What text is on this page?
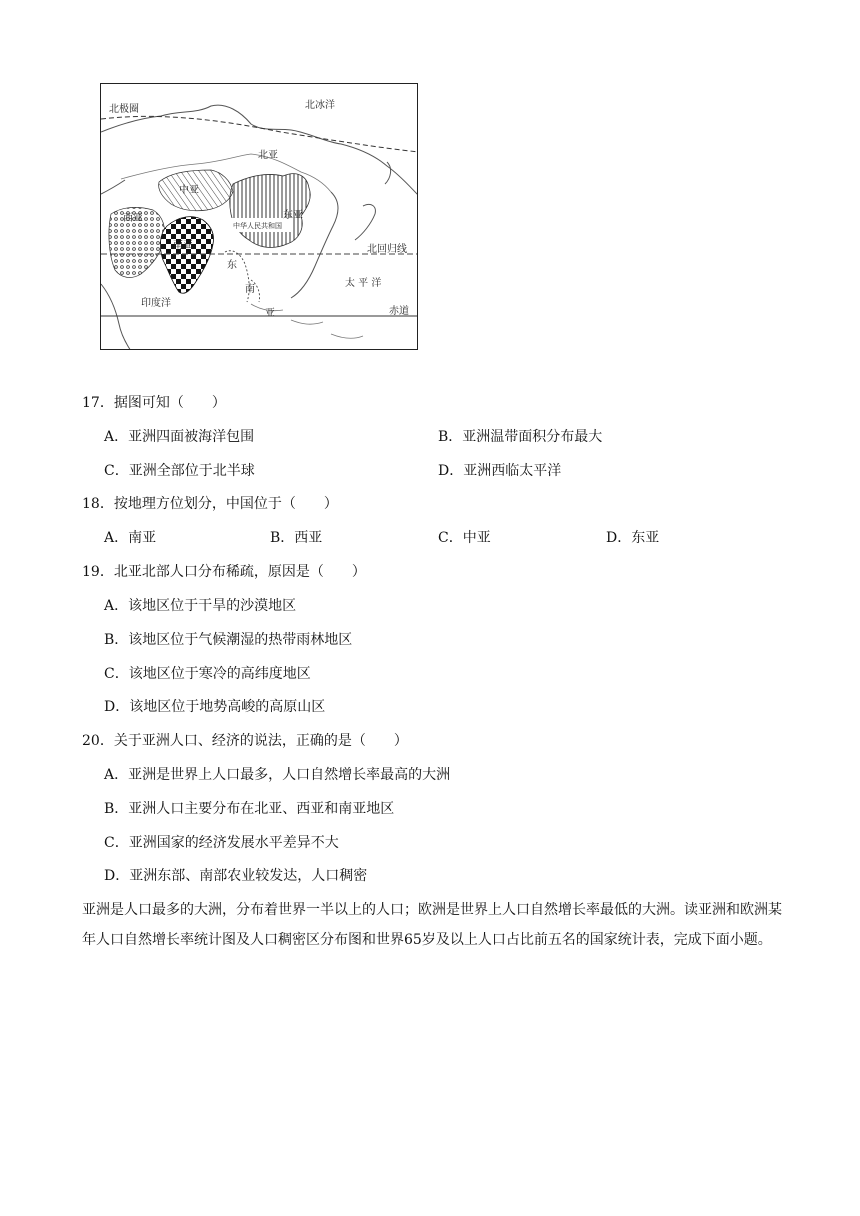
北极圈	北冰洋
北亚
中亚
西亚	东亚
中华人民共和国
南亚	北回归线
东
南
亚
太 平 洋
印度洋
赤道
17．据图可知（　　）
A．亚洲四面被海洋包围	B．亚洲温带面积分布最大
C．亚洲全部位于北半球	D．亚洲西临太平洋
18．按地理方位划分，中国位于（　　）
A．南亚	B．西亚	C．中亚	D．东亚
19．北亚北部人口分布稀疏，原因是（　　）
A．该地区位于干旱的沙漠地区
B．该地区位于气候潮湿的热带雨林地区
C．该地区位于寒冷的高纬度地区
D．该地区位于地势高峻的高原山区
20．关于亚洲人口、经济的说法，正确的是（　　）
A．亚洲是世界上人口最多，人口自然增长率最高的大洲
B．亚洲人口主要分布在北亚、西亚和南亚地区
C．亚洲国家的经济发展水平差异不大
D．亚洲东部、南部农业较发达，人口稠密
亚洲是人口最多的大洲，分布着世界一半以上的人口；欧洲是世界上人口自然增长率最低的大洲。读亚洲和欧洲某年人口自然增长率统计图及人口稠密区分布图和世界65岁及以上人口占比前五名的国家统计表，完成下面小题。
